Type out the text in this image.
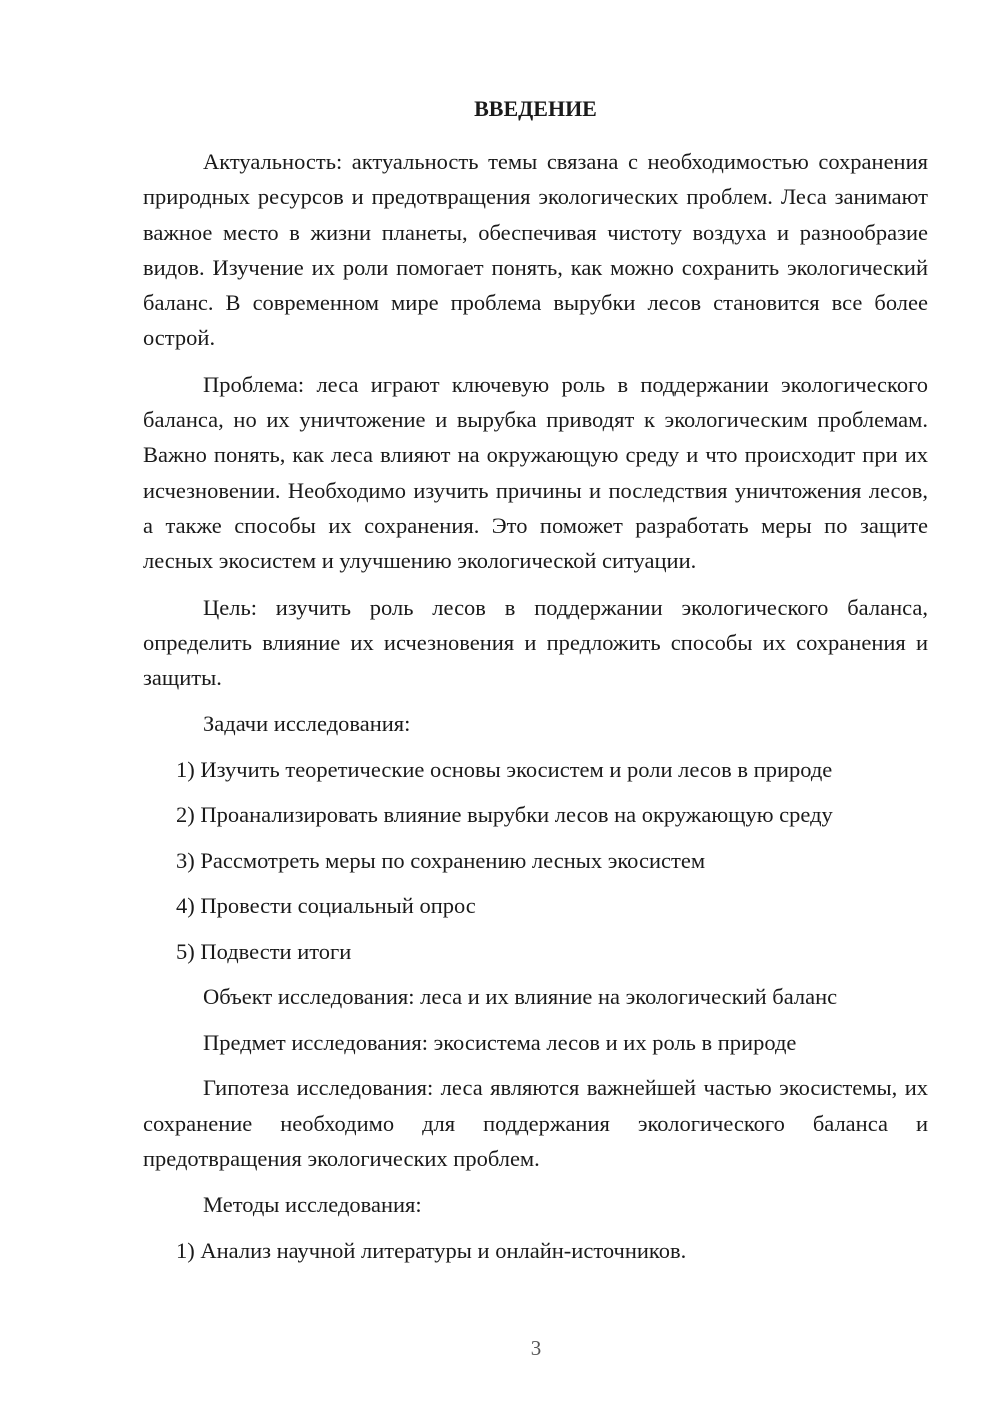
ВВЕДЕНИЕ

Актуальность: актуальность темы связана с необходимостью сохранения природных ресурсов и предотвращения экологических проблем. Леса занимают важное место в жизни планеты, обеспечивая чистоту воздуха и разнообразие видов. Изучение их роли помогает понять, как можно сохранить экологический баланс. В современном мире проблема вырубки лесов становится все более острой.

Проблема: леса играют ключевую роль в поддержании экологического баланса, но их уничтожение и вырубка приводят к экологическим проблемам. Важно понять, как леса влияют на окружающую среду и что происходит при их исчезновении. Необходимо изучить причины и последствия уничтожения лесов, а также способы их сохранения. Это поможет разработать меры по защите лесных экосистем и улучшению экологической ситуации.

Цель: изучить роль лесов в поддержании экологического баланса, определить влияние их исчезновения и предложить способы их сохранения и защиты.

Задачи исследования:
1) Изучить теоретические основы экосистем и роли лесов в природе
2) Проанализировать влияние вырубки лесов на окружающую среду
3) Рассмотреть меры по сохранению лесных экосистем
4) Провести социальный опрос
5) Подвести итоги
Объект исследования: леса и их влияние на экологический баланс
Предмет исследования: экосистема лесов и их роль в природе

Гипотеза исследования: леса являются важнейшей частью экосистемы, их сохранение необходимо для поддержания экологического баланса и предотвращения экологических проблем.

Методы исследования:
1) Анализ научной литературы и онлайн-источников.
3
